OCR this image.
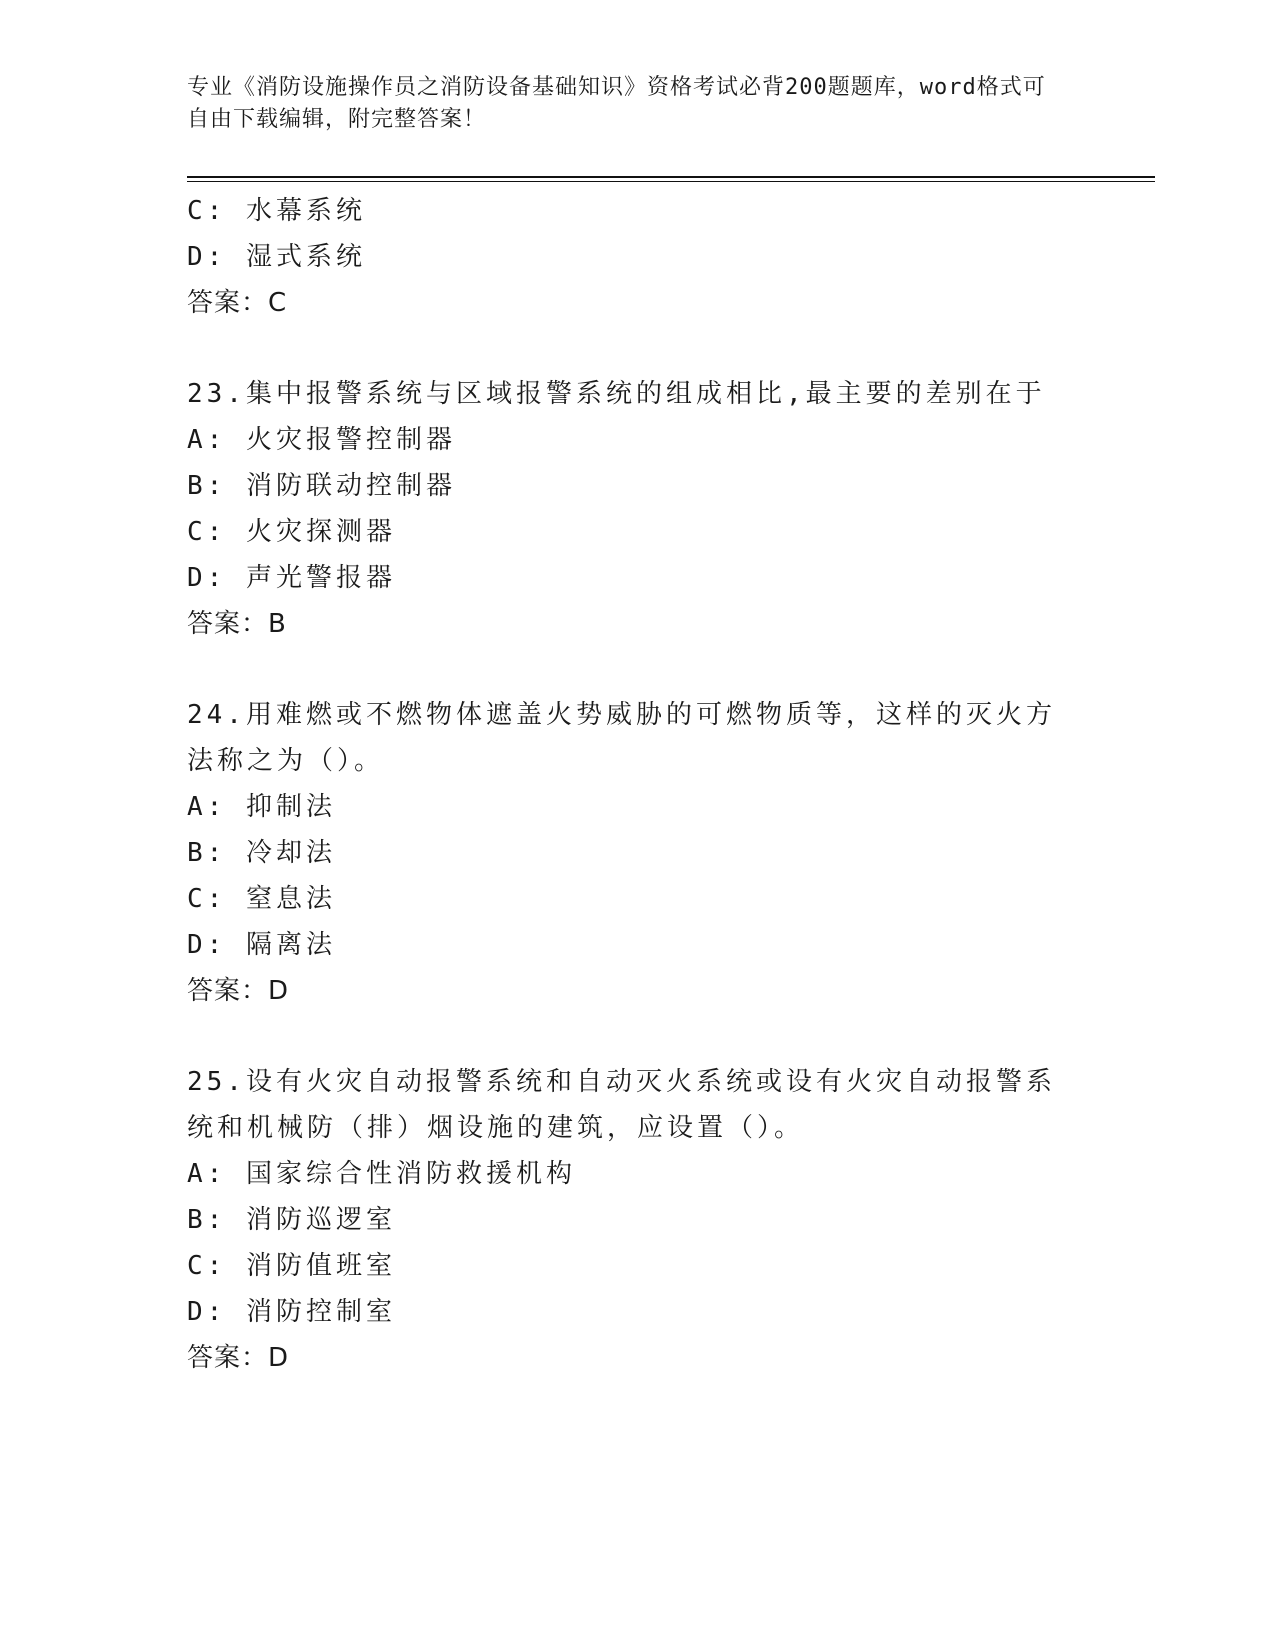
专业《消防设施操作员之消防设备基础知识》资格考试必背200题题库，word格式可自由下载编辑，附完整答案！

C: 水幕系统

D: 湿式系统

答案：C

23.集中报警系统与区域报警系统的组成相比,最主要的差别在于

A: 火灾报警控制器

B: 消防联动控制器

C: 火灾探测器

D: 声光警报器

答案：B

24.用难燃或不燃物体遮盖火势威胁的可燃物质等，这样的灭火方法称之为（）。

A: 抑制法

B: 冷却法

C: 窒息法

D: 隔离法

答案：D

25.设有火灾自动报警系统和自动灭火系统或设有火灾自动报警系统和机械防（排）烟设施的建筑，应设置（）。

A: 国家综合性消防救援机构

B: 消防巡逻室

C: 消防值班室

D: 消防控制室

答案：D
